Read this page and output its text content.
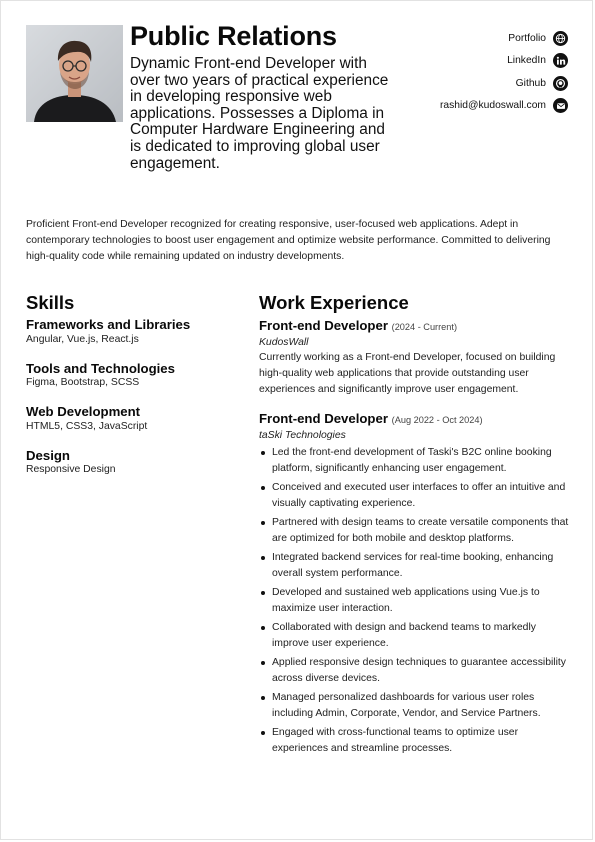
Public Relations
Dynamic Front-end Developer with over two years of practical experience in developing responsive web applications. Possesses a Diploma in Computer Hardware Engineering and is dedicated to improving global user engagement.
Portfolio
LinkedIn
Github
rashid@kudoswall.com
Proficient Front-end Developer recognized for creating responsive, user-focused web applications. Adept in contemporary technologies to boost user engagement and optimize website performance. Committed to delivering high-quality code while remaining updated on industry developments.
Skills
Frameworks and Libraries
Angular, Vue.js, React.js
Tools and Technologies
Figma, Bootstrap, SCSS
Web Development
HTML5, CSS3, JavaScript
Design
Responsive Design
Work Experience
Front-end Developer (2024 - Current)
KudosWall
Currently working as a Front-end Developer, focused on building high-quality web applications that provide outstanding user experiences and significantly improve user engagement.
Front-end Developer (Aug 2022 - Oct 2024)
taSki Technologies
Led the front-end development of Taski's B2C online booking platform, significantly enhancing user engagement.
Conceived and executed user interfaces to offer an intuitive and visually captivating experience.
Partnered with design teams to create versatile components that are optimized for both mobile and desktop platforms.
Integrated backend services for real-time booking, enhancing overall system performance.
Developed and sustained web applications using Vue.js to maximize user interaction.
Collaborated with design and backend teams to markedly improve user experience.
Applied responsive design techniques to guarantee accessibility across diverse devices.
Managed personalized dashboards for various user roles including Admin, Corporate, Vendor, and Service Partners.
Engaged with cross-functional teams to optimize user experiences and streamline processes.
